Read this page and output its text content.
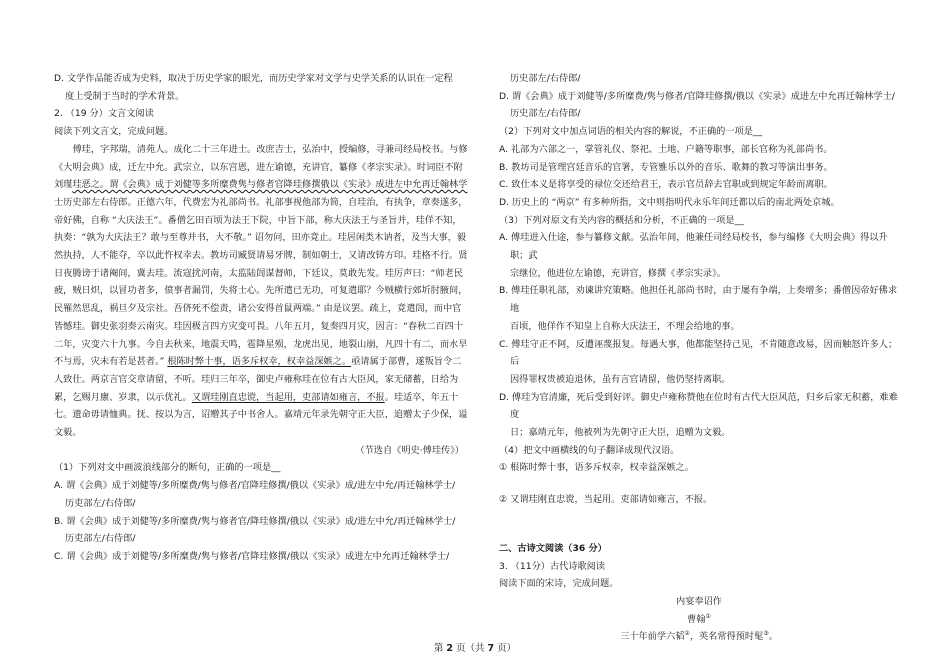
D. 文学作品能否成为史料，取决于历史学家的眼光，而历史学家对文学与史学关系的认识在一定程
度上受制于当时的学术背景。

2. （19 分）文言文阅读

阅读下列文言文，完成问题。

傅珪，字邦瑞，清苑人。成化二十三年进士。改庶吉士，弘治中，授编修，寻兼司经局校书。与修《大明会典》成，迁左中允。武宗立，以东宫恩，进左谕德，充讲官，纂修《孝宗实录》。时词臣不附刘瑾珪恶之。谓《会典》成于刘健等多所糜费隽与修者官降珪修撰俄以《实录》成进左中允再迁翰林学士历史部左右侍郎。正德六年，代费宏为礼部尚书。礼部事视他部为简，自珪治，有执争，章奏遂多，帝好佛，自称 “大庆法王”。番僧乞田百顷为法王下院，中旨下部，称大庆法王与圣旨并，珪佯不知，执奏：“孰为大庆法王？敢与至尊并书，大不敬。” 诏勿问，田亦竟止。珪居闲类木讷者，及当大事，毅然执持，人不能夺，卒以此忤权幸去。教坊司臧贤请易牙牌，制如朝士，又请改铸方印。珪格不行。贤日夜腾谤于诸阉间，冀去珪。流寇扰河南，太监陆訚谋督师，下廷议，莫敢先发。珪厉声曰：“师老民疲，贼日炽，以冒功者多，偾事者漏罚，失将士心。先所遣已无功，可复遣耶？今贼横行郊圻肘腋间，民罹然思乱，祸旦夕及宗社。吾侪死不偿责，诸公安得首鼠两端。” 由是议罢。疏上，竟遣訚，而中官皆憾珪。御史张羽奏云南灾。珪因极言四方灾变可畏。八年五月，复奏四月灾，因言：“春秋二百四十二年，灾变六十九事。今自去秋来，地震天鸣，雹降星殒，龙虎出见，地裂山崩，凡四十有二，而水旱不与焉，灾未有若是甚者。” 根陈时弊十事，语多斥权幸，权幸益深嫉之。亟请属于部曹，遂叛旨令二人致仕。两京言官交章请留，不听。珪归三年卒，御史卢雍称珪在位有古大臣风，家无储蓄，日给为累，乞赐月廪、岁隶，以示优礼。又谓珪刚直忠谠，当起用，吏部请如雍言，不报。珪适卒，年五十七。遗命毋请恤典。抚、按以为言，诏赠其子中书舍人。嘉靖元年录先朝守正大臣，追赠太子少保，谥文毅。

（节选自《明史·傅珪传》）

（1）下列对文中画波浪线部分的断句，正确的一项是__

A. 谓《会典》成于刘健等/多所糜费/隽与修者/官降珪修撰/俄以《实录》成/进左中允/再迁翰林学士/
历吏部左/右侍郎/

B. 谓《会典》成于刘健等/多所糜费/隽与修者官/降珪修撰/俄以《实录》成/进左中允/再迁翰林学士/
历吏部左/右侍郎/

C. 谓《会典》成于刘健等/多所糜费/隽与修者/官降珪修撰/俄以《实录》成进左中允再迁翰林学士/

历史部左/右侍郎/

D. 谓《会典》成于刘健等/多所糜费/隽与修者/官降珪修撰/俄以《实录》成进左中允再迁翰林学士/
历史部左/右侍郎/

（2）下列对文中加点词语的相关内容的解说，不正确的一项是__

A. 礼部为六部之一，掌管礼仪、祭祀、土地、户籍等职事，部长官称为礼部尚书。

B. 教坊司是管理宫廷音乐的官署，专管雅乐以外的音乐、歌舞的教习等演出事务。

C. 致仕本义是将享受的禄位交还给君王，表示官员辞去官职或到规定年龄而离职。

D. 历史上的 “两京” 有多种所指，文中则指明代永乐年间迁都以后的南北两处京城。

（3）下列对原文有关内容的概括和分析，不正确的一项是__

A. 傅珪进入仕途，参与纂修文献。弘治年间，他兼任司经局校书，参与编修《大明会典》得以升职；武
宗继位，他进位左谕德，充讲官，修撰《孝宗实录》。

B. 傅珪任职礼部，劝谏讲究策略。他担任礼部尚书时，由于屡有争端，上奏增多；番僧因帝好佛求地
百顷，他佯作不知皇上自称大庆法王，不理会给地的事。

C. 傅珪守正不阿，反遭诬蔑报复。每遇大事，他都能坚持己见，不肯随意改易，因而触怒许多人；后
因得罪权贵被迫退休，虽有言官请留，他仍坚持离职。

D. 傅珪为官清廉，死后受到好评。御史卢雍称赞他在位时有古代大臣风范，归乡后家无积蓄，难难度
日；嘉靖元年，他被列为先朝守正大臣，追赠为文毅。

（4）把文中画横线的句子翻译成现代汉语。

① 根陈时弊十事，语多斥权幸，权幸益深嫉之。

② 又谓珪刚直忠谠，当起用。吏部请如雍言，不报。

二、古诗文阅读（36 分）

3. （11分）古代诗歌阅读

阅读下面的宋诗，完成问题。

内宴奉诏作

曹翰①

三十年前学六韬②，英名常得预时髦③。

第 2 页（共 7 页）
